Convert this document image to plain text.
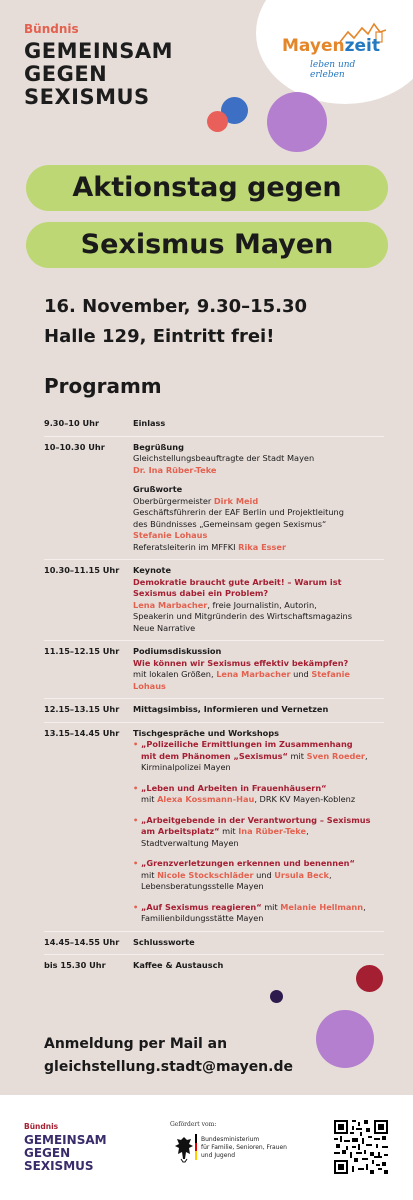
Bündnis
GEMEINSAM
GEGEN
SEXISMUS
Mayenzeit
leben und erleben
Aktionstag gegen
Sexismus Mayen
16. November, 9.30–15.30
Halle 129, Eintritt frei!
Programm
9.30–10 Uhr	Einlass
10–10.30 Uhr	Begrüßung
Gleichstellungsbeauftragte der Stadt Mayen
Dr. Ina Rüber-Teke
Grußworte
Oberbürgermeister Dirk Meid
Geschäftsführerin der EAF Berlin und Projektleitung
des Bündnisses „Gemeinsam gegen Sexismus“
Stefanie Lohaus
Referatsleiterin im MFFKI Rika Esser
10.30–11.15 Uhr	Keynote
Demokratie braucht gute Arbeit! – Warum ist
Sexismus dabei ein Problem?
Lena Marbacher, freie Journalistin, Autorin,
Speakerin und Mitgründerin des Wirtschaftsmagazins
Neue Narrative
11.15–12.15 Uhr	Podiumsdiskussion
Wie können wir Sexismus effektiv bekämpfen?
mit lokalen Größen, Lena Marbacher und Stefanie Lohaus
12.15–13.15 Uhr	Mittagsimbiss, Informieren und Vernetzen
13.15–14.45 Uhr	Tischgespräche und Workshops
• „Polizeiliche Ermittlungen im Zusammenhang
mit dem Phänomen „Sexismus“ mit Sven Roeder,
Kirminalpolizei Mayen
• „Leben und Arbeiten in Frauenhäusern“
mit Alexa Kossmann-Hau, DRK KV Mayen-Koblenz
• „Arbeitgebende in der Verantwortung – Sexismus
am Arbeitsplatz“ mit Ina Rüber-Teke,
Stadtverwaltung Mayen
• „Grenzverletzungen erkennen und benennen“
mit Nicole Stockschläder und Ursula Beck,
Lebensberatungsstelle Mayen
• „Auf Sexismus reagieren“ mit Melanie Hellmann,
Familienbildungsstätte Mayen
14.45–14.55 Uhr	Schlussworte
bis 15.30 Uhr	Kaffee & Austausch
Anmeldung per Mail an
gleichstellung.stadt@mayen.de
Bündnis
GEMEINSAM
GEGEN
SEXISMUS
Gefördert vom:
Bundesministerium
für Familie, Senioren, Frauen
und Jugend
